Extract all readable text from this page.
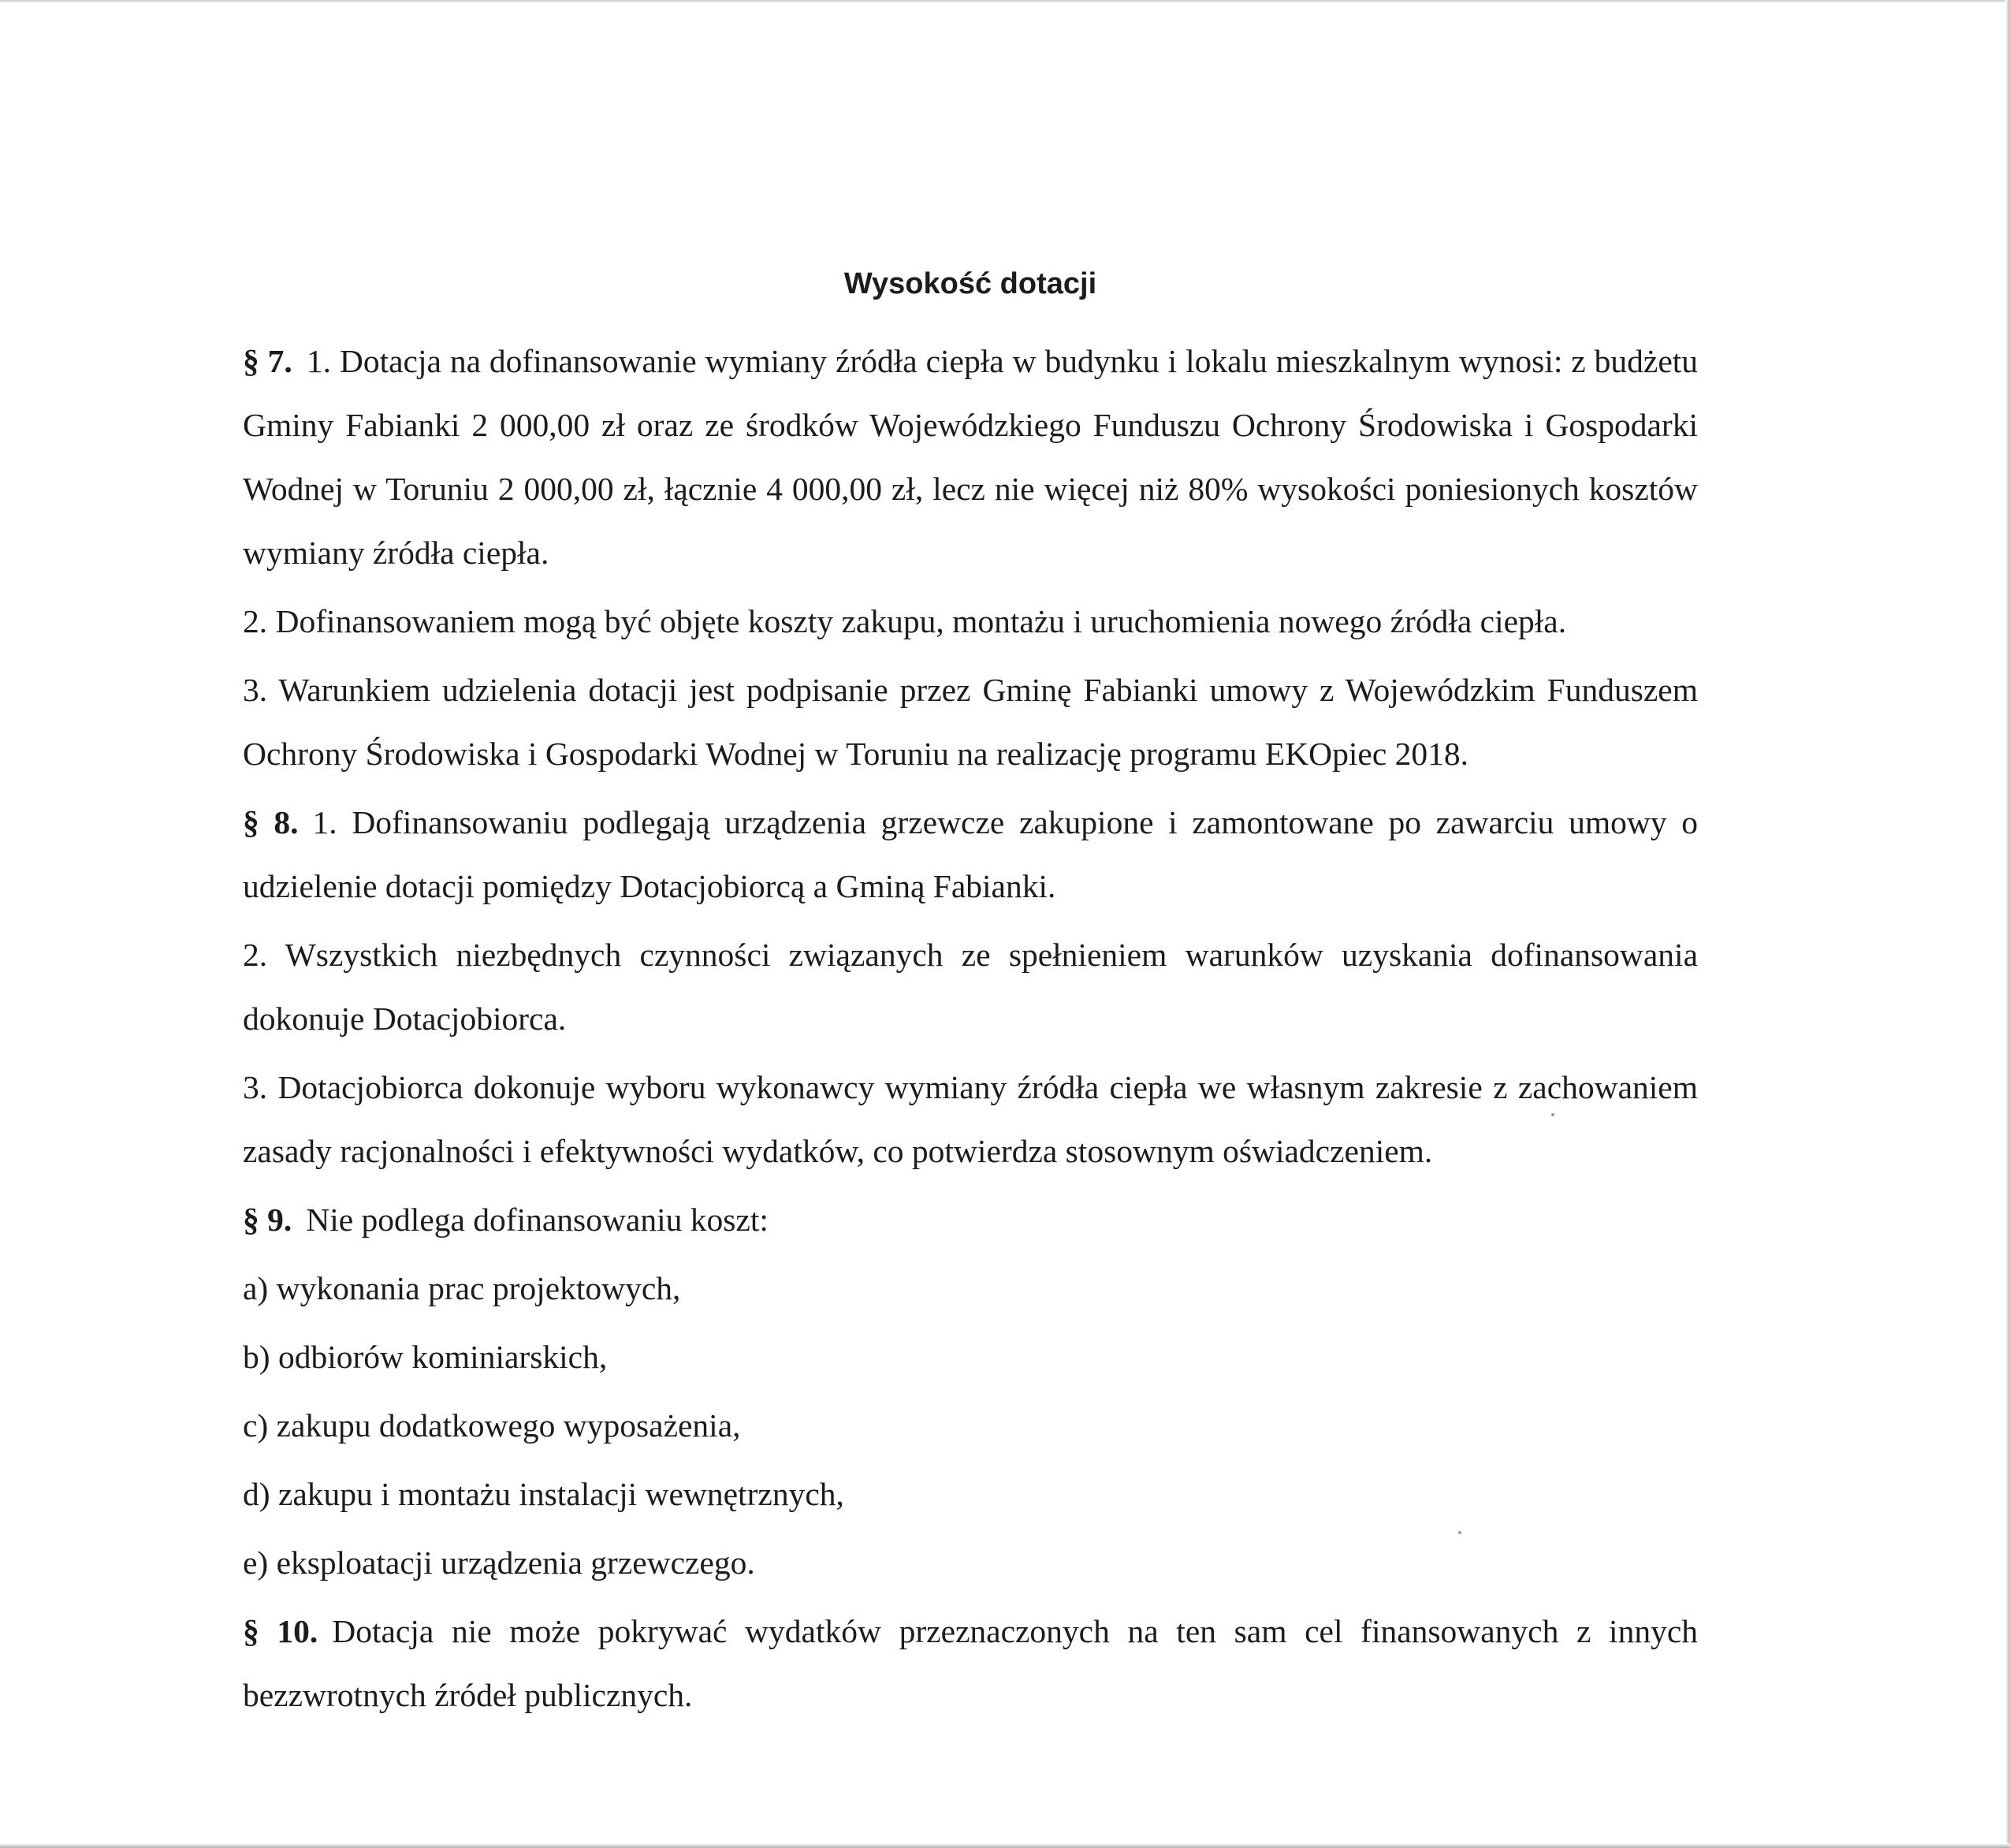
Wysokość dotacji

§ 7. 1. Dotacja na dofinansowanie wymiany źródła ciepła w budynku i lokalu mieszkalnym wynosi: z budżetu Gminy Fabianki 2 000,00 zł oraz ze środków Wojewódzkiego Funduszu Ochrony Środowiska i Gospodarki Wodnej w Toruniu 2 000,00 zł, łącznie 4 000,00 zł, lecz nie więcej niż 80% wysokości poniesionych kosztów wymiany źródła ciepła.

2. Dofinansowaniem mogą być objęte koszty zakupu, montażu i uruchomienia nowego źródła ciepła.

3. Warunkiem udzielenia dotacji jest podpisanie przez Gminę Fabianki umowy z Wojewódzkim Funduszem Ochrony Środowiska i Gospodarki Wodnej w Toruniu na realizację programu EKOpiec 2018.

§ 8. 1. Dofinansowaniu podlegają urządzenia grzewcze zakupione i zamontowane po zawarciu umowy o udzielenie dotacji pomiędzy Dotacjobiorcą a Gminą Fabianki.

2. Wszystkich niezbędnych czynności związanych ze spełnieniem warunków uzyskania dofinansowania dokonuje Dotacjobiorca.

3. Dotacjobiorca dokonuje wyboru wykonawcy wymiany źródła ciepła we własnym zakresie z zachowaniem zasady racjonalności i efektywności wydatków, co potwierdza stosownym oświadczeniem.

§ 9. Nie podlega dofinansowaniu koszt:

a) wykonania prac projektowych,
b) odbiorów kominiarskich,
c) zakupu dodatkowego wyposażenia,
d) zakupu i montażu instalacji wewnętrznych,
e) eksploatacji urządzenia grzewczego.

§ 10. Dotacja nie może pokrywać wydatków przeznaczonych na ten sam cel finansowanych z innych bezzwrotnych źródeł publicznych.
